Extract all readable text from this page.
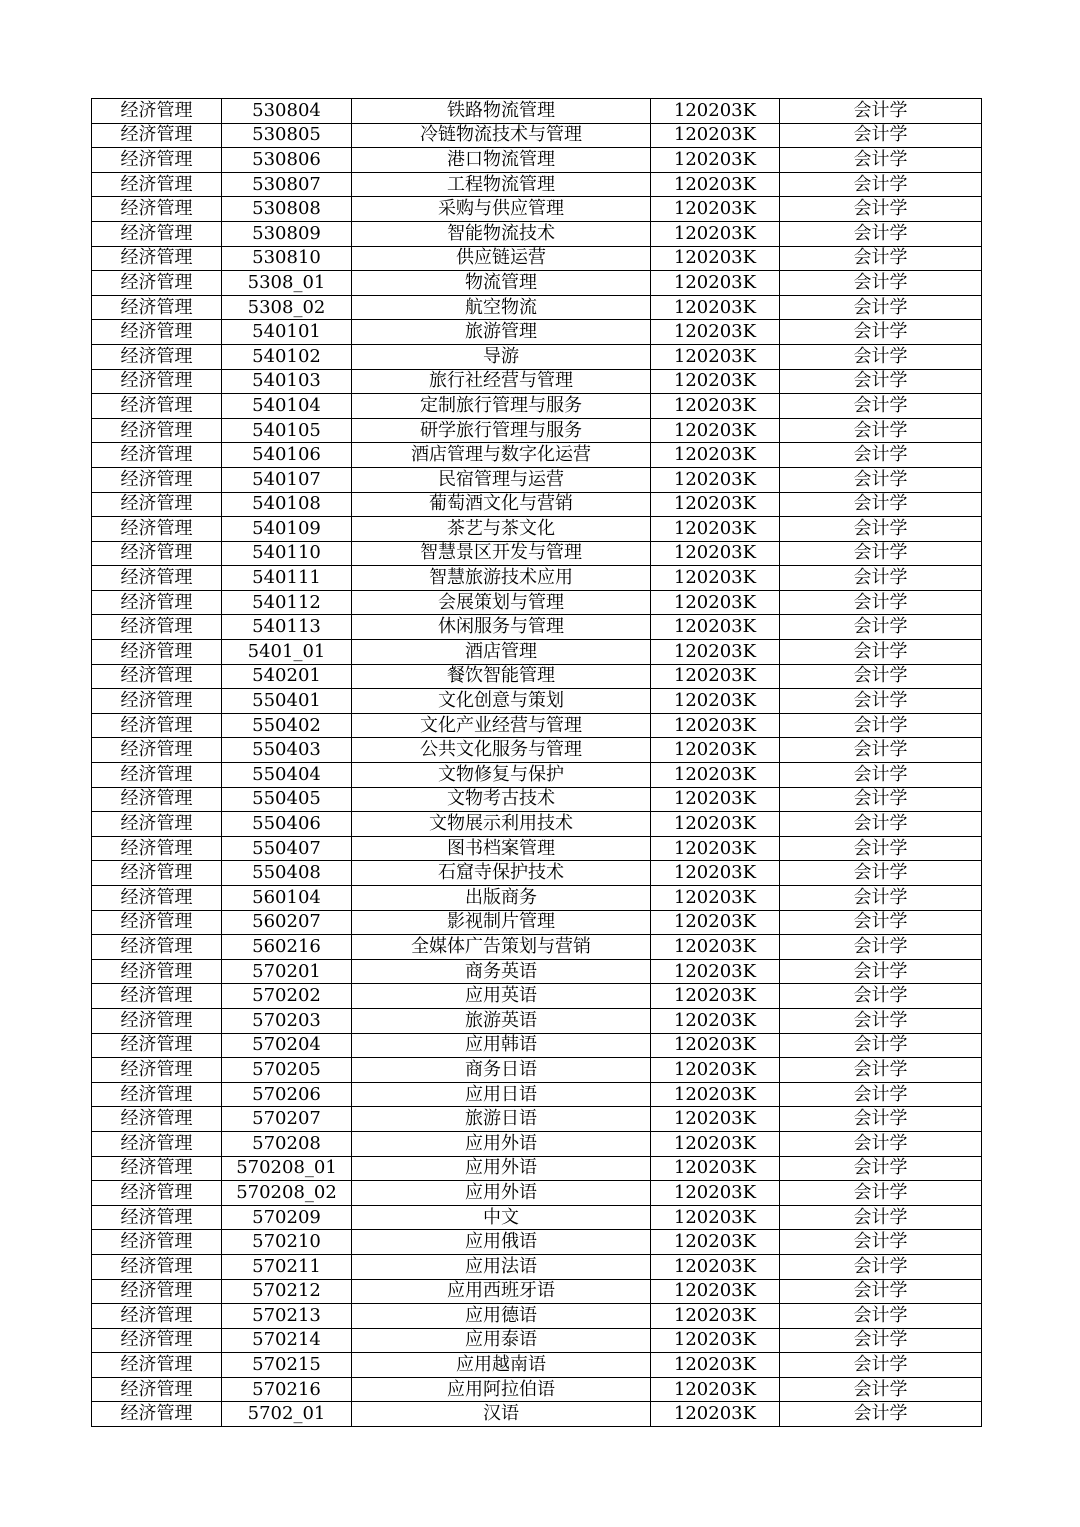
经济管理	530804	铁路物流管理	120203K	会计学
经济管理	530805	冷链物流技术与管理	120203K	会计学
经济管理	530806	港口物流管理	120203K	会计学
经济管理	530807	工程物流管理	120203K	会计学
经济管理	530808	采购与供应管理	120203K	会计学
经济管理	530809	智能物流技术	120203K	会计学
经济管理	530810	供应链运营	120203K	会计学
经济管理	5308_01	物流管理	120203K	会计学
经济管理	5308_02	航空物流	120203K	会计学
经济管理	540101	旅游管理	120203K	会计学
经济管理	540102	导游	120203K	会计学
经济管理	540103	旅行社经营与管理	120203K	会计学
经济管理	540104	定制旅行管理与服务	120203K	会计学
经济管理	540105	研学旅行管理与服务	120203K	会计学
经济管理	540106	酒店管理与数字化运营	120203K	会计学
经济管理	540107	民宿管理与运营	120203K	会计学
经济管理	540108	葡萄酒文化与营销	120203K	会计学
经济管理	540109	茶艺与茶文化	120203K	会计学
经济管理	540110	智慧景区开发与管理	120203K	会计学
经济管理	540111	智慧旅游技术应用	120203K	会计学
经济管理	540112	会展策划与管理	120203K	会计学
经济管理	540113	休闲服务与管理	120203K	会计学
经济管理	5401_01	酒店管理	120203K	会计学
经济管理	540201	餐饮智能管理	120203K	会计学
经济管理	550401	文化创意与策划	120203K	会计学
经济管理	550402	文化产业经营与管理	120203K	会计学
经济管理	550403	公共文化服务与管理	120203K	会计学
经济管理	550404	文物修复与保护	120203K	会计学
经济管理	550405	文物考古技术	120203K	会计学
经济管理	550406	文物展示利用技术	120203K	会计学
经济管理	550407	图书档案管理	120203K	会计学
经济管理	550408	石窟寺保护技术	120203K	会计学
经济管理	560104	出版商务	120203K	会计学
经济管理	560207	影视制片管理	120203K	会计学
经济管理	560216	全媒体广告策划与营销	120203K	会计学
经济管理	570201	商务英语	120203K	会计学
经济管理	570202	应用英语	120203K	会计学
经济管理	570203	旅游英语	120203K	会计学
经济管理	570204	应用韩语	120203K	会计学
经济管理	570205	商务日语	120203K	会计学
经济管理	570206	应用日语	120203K	会计学
经济管理	570207	旅游日语	120203K	会计学
经济管理	570208	应用外语	120203K	会计学
经济管理	570208_01	应用外语	120203K	会计学
经济管理	570208_02	应用外语	120203K	会计学
经济管理	570209	中文	120203K	会计学
经济管理	570210	应用俄语	120203K	会计学
经济管理	570211	应用法语	120203K	会计学
经济管理	570212	应用西班牙语	120203K	会计学
经济管理	570213	应用德语	120203K	会计学
经济管理	570214	应用泰语	120203K	会计学
经济管理	570215	应用越南语	120203K	会计学
经济管理	570216	应用阿拉伯语	120203K	会计学
经济管理	5702_01	汉语	120203K	会计学
